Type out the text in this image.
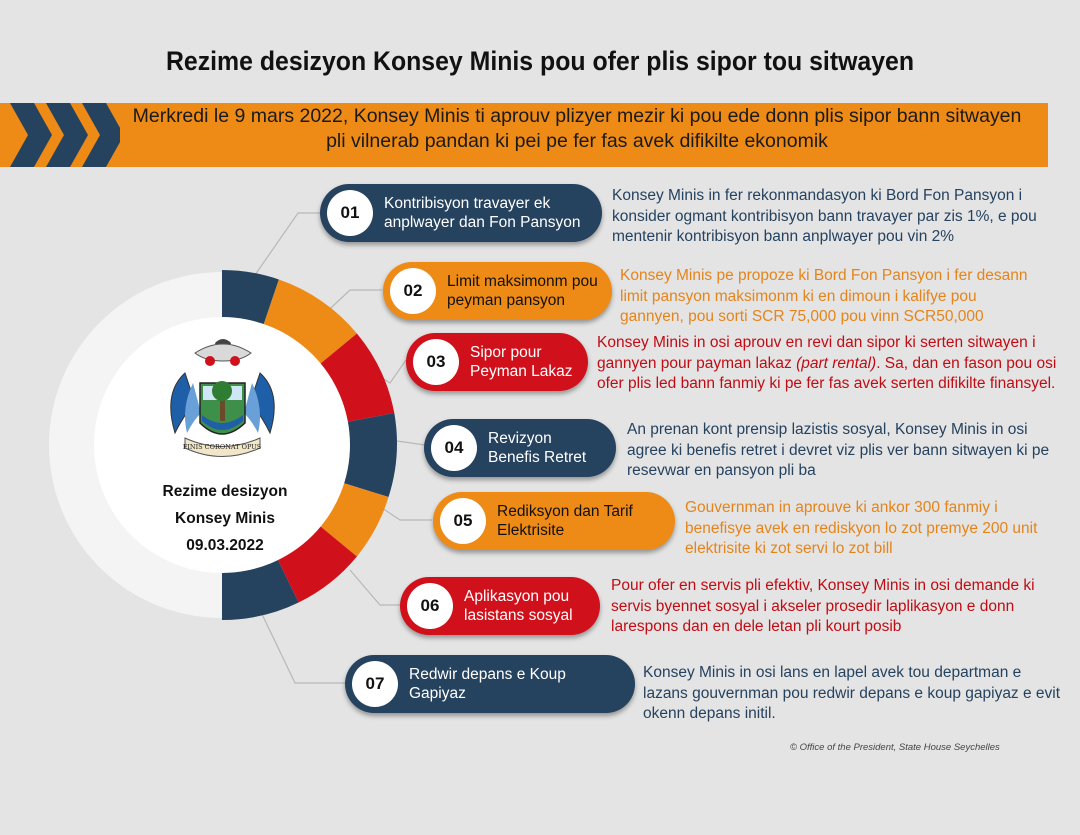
Rezime desizyon Konsey Minis pou ofer plis sipor tou sitwayen
Merkredi le 9 mars 2022, Konsey Minis ti aprouv plizyer mezir ki pou ede donn plis sipor bann sitwayen pli vilnerab pandan ki pei pe fer fas avek difikilte ekonomik
FINIS CORONAT OPUS
Rezime desizyon
Konsey Minis
09.03.2022
01	Kontribisyon travayer ek anplwayer dan Fon Pansyon
Konsey Minis in fer rekonmandasyon ki Bord Fon Pansyon i konsider ogmant kontribisyon bann travayer par zis 1%, e pou mentenir kontribisyon bann anplwayer pou vin 2%
02	Limit maksimonm pou peyman pansyon
Konsey Minis pe propoze ki Bord Fon Pansyon i fer desann limit pansyon maksimonm ki en dimoun i kalifye pou gannyen, pou sorti SCR 75,000 pou vinn SCR50,000
03	Sipor pour Peyman Lakaz
Konsey Minis in osi aprouv en revi dan sipor ki serten sitwayen i gannyen pour payman lakaz (part rental). Sa, dan en fason pou osi ofer plis led bann fanmiy ki pe fer fas avek serten difikilte finansyel.
04	Revizyon Benefis Retret
An prenan kont prensip lazistis sosyal, Konsey Minis in osi agree ki benefis retret i devret viz plis ver bann sitwayen ki pe resevwar en pansyon pli ba
05	Rediksyon dan Tarif Elektrisite
Gouvernman in aprouve ki ankor 300 fanmiy i benefisye avek en rediskyon lo zot premye 200 unit elektrisite ki zot servi lo zot bill
06	Aplikasyon pou lasistans sosyal
Pour ofer en servis pli efektiv, Konsey Minis in osi demande ki servis byennet sosyal i akseler prosedir laplikasyon e donn larespons dan en dele letan pli kourt posib
07	Redwir depans e Koup Gapiyaz
Konsey Minis in osi lans en lapel avek tou departman e lazans gouvernman pou redwir depans e koup gapiyaz e evit okenn depans initil.
© Office of the President, State House Seychelles
